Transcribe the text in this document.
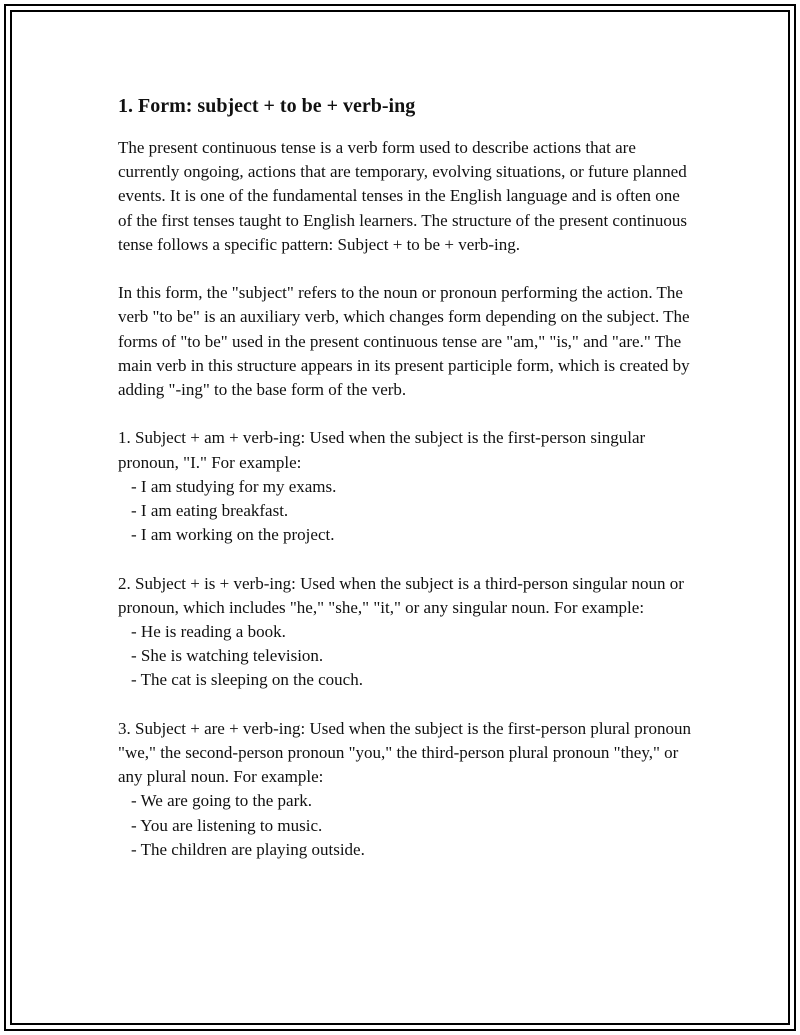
1. Form: subject + to be + verb-ing

The present continuous tense is a verb form used to describe actions that are currently ongoing, actions that are temporary, evolving situations, or future planned events. It is one of the fundamental tenses in the English language and is often one of the first tenses taught to English learners. The structure of the present continuous tense follows a specific pattern: Subject + to be + verb-ing.

In this form, the "subject" refers to the noun or pronoun performing the action. The verb "to be" is an auxiliary verb, which changes form depending on the subject. The forms of "to be" used in the present continuous tense are "am," "is," and "are." The main verb in this structure appears in its present participle form, which is created by adding "-ing" to the base form of the verb.

1. Subject + am + verb-ing: Used when the subject is the first-person singular pronoun, "I." For example:

- I am studying for my exams.

- I am eating breakfast.

- I am working on the project.

2. Subject + is + verb-ing: Used when the subject is a third-person singular noun or pronoun, which includes "he," "she," "it," or any singular noun. For example:

- He is reading a book.

- She is watching television.

- The cat is sleeping on the couch.

3. Subject + are + verb-ing: Used when the subject is the first-person plural pronoun "we," the second-person pronoun "you," the third-person plural pronoun "they," or any plural noun. For example:

- We are going to the park.

- You are listening to music.

- The children are playing outside.
